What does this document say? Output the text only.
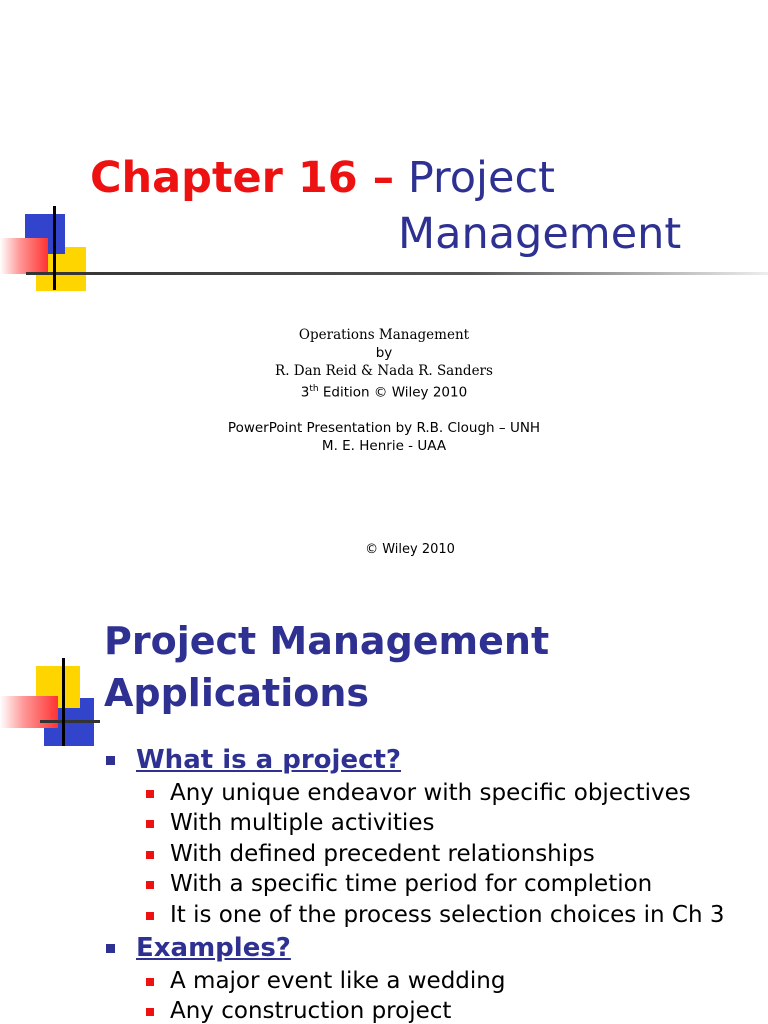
Chapter 16 – Project
Management

Operations Management

by

R. Dan Reid & Nada R. Sanders

3th Edition © Wiley 2010

PowerPoint Presentation by R.B. Clough – UNH

M. E. Henrie - UAA

© Wiley 2010
Project Management
Applications
What is a project?
Any unique endeavor with specific objectives
With multiple activities
With defined precedent relationships
With a specific time period for completion
It is one of the process selection choices in Ch 3
Examples?
A major event like a wedding
Any construction project
